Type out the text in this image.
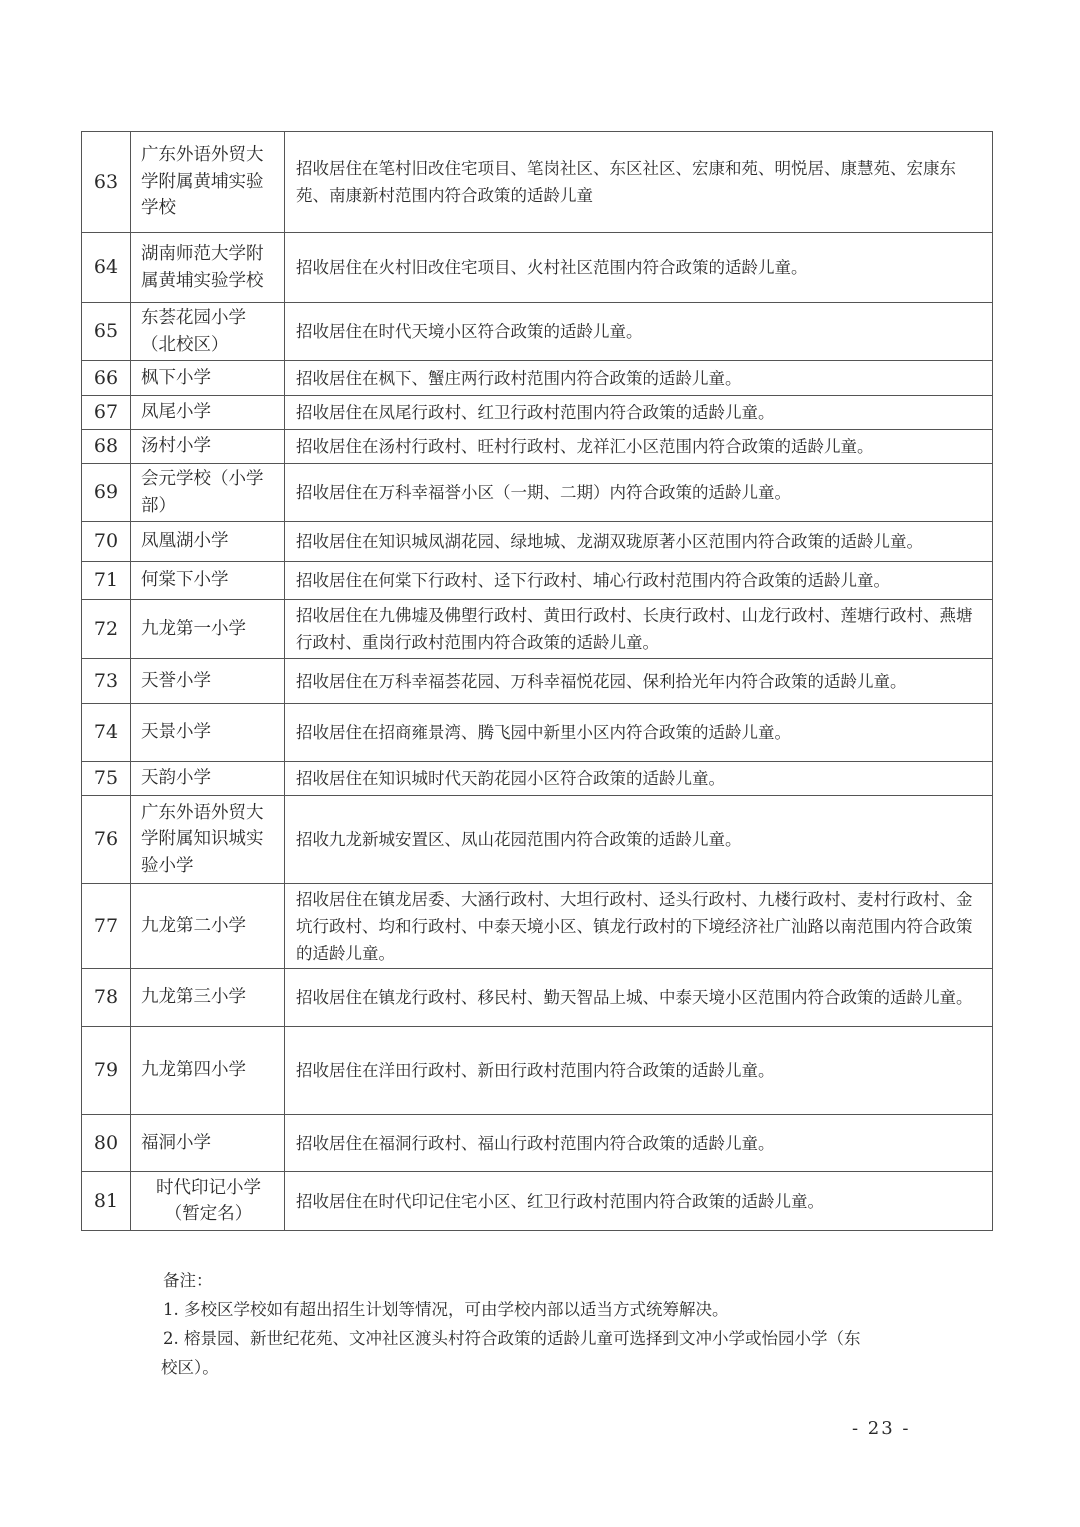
63	广东外语外贸大学附属黄埔实验学校	招收居住在笔村旧改住宅项目、笔岗社区、东区社区、宏康和苑、明悦居、康慧苑、宏康东苑、南康新村范围内符合政策的适龄儿童
64	湖南师范大学附属黄埔实验学校	招收居住在火村旧改住宅项目、火村社区范围内符合政策的适龄儿童。
65	东荟花园小学（北校区）	招收居住在时代天境小区符合政策的适龄儿童。
66	枫下小学	招收居住在枫下、蟹庄两行政村范围内符合政策的适龄儿童。
67	凤尾小学	招收居住在凤尾行政村、红卫行政村范围内符合政策的适龄儿童。
68	汤村小学	招收居住在汤村行政村、旺村行政村、龙祥汇小区范围内符合政策的适龄儿童。
69	会元学校（小学部）	招收居住在万科幸福誉小区（一期、二期）内符合政策的适龄儿童。
70	凤凰湖小学	招收居住在知识城凤湖花园、绿地城、龙湖双珑原著小区范围内符合政策的适龄儿童。
71	何棠下小学	招收居住在何棠下行政村、迳下行政村、埔心行政村范围内符合政策的适龄儿童。
72	九龙第一小学	招收居住在九佛墟及佛塱行政村、黄田行政村、长庚行政村、山龙行政村、莲塘行政村、燕塘行政村、重岗行政村范围内符合政策的适龄儿童。
73	天誉小学	招收居住在万科幸福荟花园、万科幸福悦花园、保利拾光年内符合政策的适龄儿童。
74	天景小学	招收居住在招商雍景湾、腾飞园中新里小区内符合政策的适龄儿童。
75	天韵小学	招收居住在知识城时代天韵花园小区符合政策的适龄儿童。
76	广东外语外贸大学附属知识城实验小学	招收九龙新城安置区、凤山花园范围内符合政策的适龄儿童。
77	九龙第二小学	招收居住在镇龙居委、大涵行政村、大坦行政村、迳头行政村、九楼行政村、麦村行政村、金坑行政村、均和行政村、中泰天境小区、镇龙行政村的下境经济社广汕路以南范围内符合政策的适龄儿童。
78	九龙第三小学	招收居住在镇龙行政村、移民村、勤天智品上城、中泰天境小区范围内符合政策的适龄儿童。
79	九龙第四小学	招收居住在洋田行政村、新田行政村范围内符合政策的适龄儿童。
80	福洞小学	招收居住在福洞行政村、福山行政村范围内符合政策的适龄儿童。
81	时代印记小学（暂定名）	招收居住在时代印记住宅小区、红卫行政村范围内符合政策的适龄儿童。

备注：

1. 多校区学校如有超出招生计划等情况，可由学校内部以适当方式统筹解决。

2. 榕景园、新世纪花苑、文冲社区渡头村符合政策的适龄儿童可选择到文冲小学或怡园小学（东

校区）。

- 23 -
